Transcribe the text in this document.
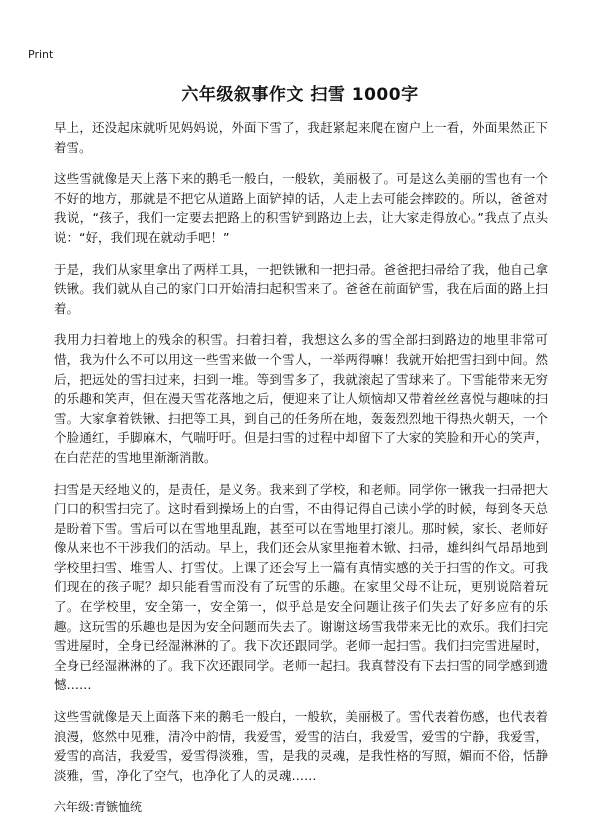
Print
六年级叙事作文 扫雪 1000字

早上，还没起床就听见妈妈说，外面下雪了，我赶紧起来爬在窗户上一看，外面果然正下着雪。

这些雪就像是天上落下来的鹅毛一般白，一般软，美丽极了。可是这么美丽的雪也有一个不好的地方，那就是不把它从道路上面铲掉的话，人走上去可能会摔跤的。所以，爸爸对我说，“孩子，我们一定要去把路上的积雪铲到路边上去，让大家走得放心。”我点了点头说：“好，我们现在就动手吧！”

于是，我们从家里拿出了两样工具，一把铁锹和一把扫帚。爸爸把扫帚给了我，他自己拿铁锹。我们就从自己的家门口开始清扫起积雪来了。爸爸在前面铲雪，我在后面的路上扫着。

我用力扫着地上的残余的积雪。扫着扫着，我想这么多的雪全部扫到路边的地里非常可惜，我为什么不可以用这一些雪来做一个雪人，一举两得嘛！我就开始把雪扫到中间。然后，把远处的雪扫过来，扫到一堆。等到雪多了，我就滚起了雪球来了。下雪能带来无穷的乐趣和笑声，但在漫天雪花落地之后，便迎来了让人烦恼却又带着丝丝喜悦与趣味的扫雪。大家拿着铁锹、扫把等工具，到自己的任务所在地，轰轰烈烈地干得热火朝天，一个个脸通红，手脚麻木，气喘吁吁。但是扫雪的过程中却留下了大家的笑脸和开心的笑声，在白茫茫的雪地里渐渐消散。

扫雪是天经地义的，是责任，是义务。我来到了学校，和老师。同学你一锹我一扫帚把大门口的积雪扫完了。这时看到操场上的白雪，不由得记得自己读小学的时候，每到冬天总是盼着下雪。雪后可以在雪地里乱跑，甚至可以在雪地里打滚儿。那时候，家长、老师好像从来也不干涉我们的活动。早上，我们还会从家里拖着木锨、扫帚，雄纠纠气昂昂地到学校里扫雪、堆雪人、打雪仗。上课了还会写上一篇有真情实感的关于扫雪的作文。可我们现在的孩子呢？却只能看雪而没有了玩雪的乐趣。在家里父母不让玩，更别说陪着玩了。在学校里，安全第一，安全第一，似乎总是安全问题让孩子们失去了好多应有的乐趣。这玩雪的乐趣也是因为安全问题而失去了。谢谢这场雪我带来无比的欢乐。我们扫完雪进屋时，全身已经湿淋淋的了。我下次还跟同学。老师一起扫雪。我们扫完雪进屋时，全身已经湿淋淋的了。我下次还跟同学。老师一起扫。我真替没有下去扫雪的同学感到遗憾……

这些雪就像是天上面落下来的鹅毛一般白，一般软，美丽极了。雪代表着伤感，也代表着浪漫，悠然中见雅，清冷中韵情，我爱雪，爱雪的洁白，我爱雪，爱雪的宁静，我爱雪，爱雪的高洁，我爱雪，爱雪得淡雅，雪，是我的灵魂，是我性格的写照，媚而不俗，恬静淡雅，雪，净化了空气，也净化了人的灵魂……

六年级:青镞恤统
